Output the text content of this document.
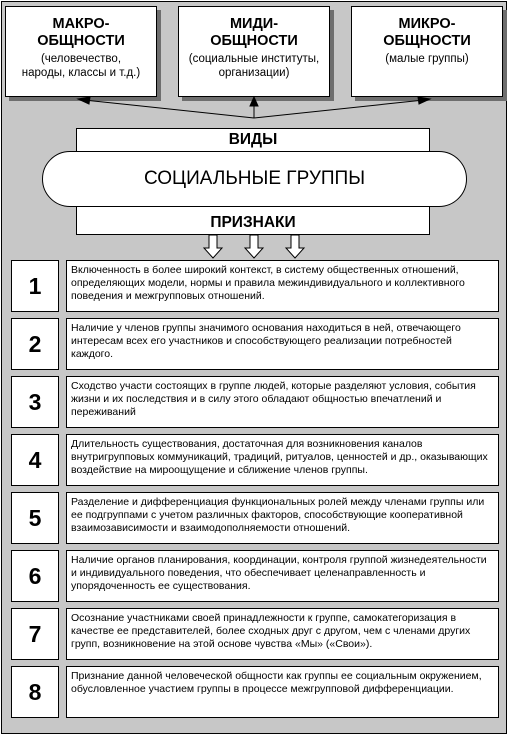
МАКРО-
ОБЩНОСТИ
(человечество,
народы, классы и т.д.)
МИДИ-
ОБЩНОСТИ
(социальные институты,
организации)
МИКРО-
ОБЩНОСТИ
(малые группы)

ВИДЫ
ПРИЗНАКИ
СОЦИАЛЬНЫЕ ГРУППЫ
1
Включенность в более широкий контекст, в систему общественных отношений, определяющих модели, нормы и правила межиндивидуального и коллективного поведения и межгрупповых отношений.
2
Наличие у членов группы значимого основания находиться в ней, отвечающего интересам всех его участников и способствующего реализации потребностей каждого.
3
Сходство участи состоящих в группе людей, которые разделяют условия, события жизни и их последствия и в силу этого обладают общностью впечатлений и переживаний
4
Длительность существования, достаточная для возникновения каналов внутригрупповых коммуникаций, традиций, ритуалов, ценностей и др., оказывающих воздействие на мироощущение и сближение членов группы.
5
Разделение и дифференциация функциональных ролей между членами группы или ее подгруппами с учетом различных факторов, способствующие кооперативной взаимозависимости и взаимодополняемости отношений.
6
Наличие органов планирования, координации, контроля группой жизнедеятельности и индивидуального поведения, что обеспечивает целенаправленность и упорядоченность ее существования.
7
Осознание участниками своей принадлежности к группе, самокатегоризация в качестве ее представителей, более сходных друг с другом, чем с членами других групп, возникновение на этой основе чувства «Мы» («Свои»).
8
Признание данной человеческой общности как группы ее социальным окружением, обусловленное участием группы в процессе межгрупповой дифференциации.
